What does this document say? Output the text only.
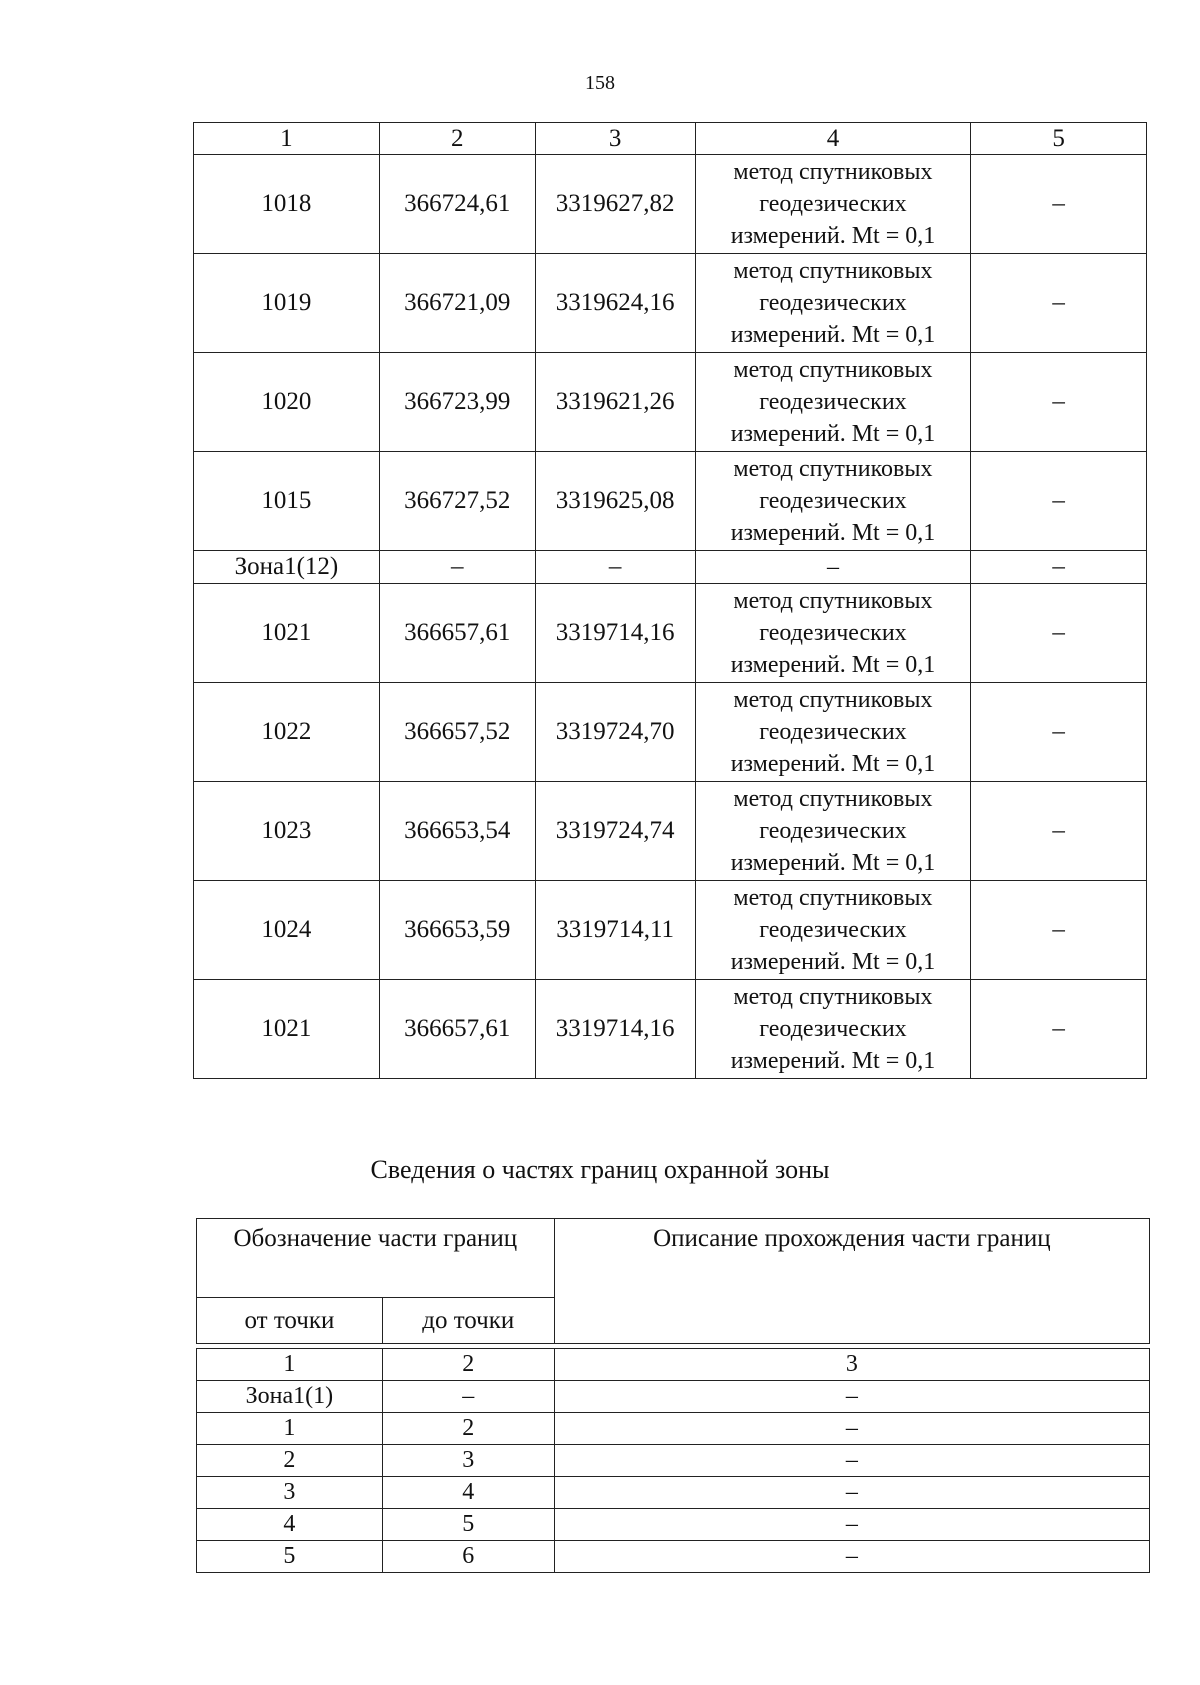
158
1	2	3	4	5
1018	366724,61	3319627,82	метод спутниковых
геодезических
измерений. Mt = 0,1	–
1019	366721,09	3319624,16	метод спутниковых
геодезических
измерений. Mt = 0,1	–
1020	366723,99	3319621,26	метод спутниковых
геодезических
измерений. Mt = 0,1	–
1015	366727,52	3319625,08	метод спутниковых
геодезических
измерений. Mt = 0,1	–
Зона1(12)	–	–	–	–
1021	366657,61	3319714,16	метод спутниковых
геодезических
измерений. Mt = 0,1	–
1022	366657,52	3319724,70	метод спутниковых
геодезических
измерений. Mt = 0,1	–
1023	366653,54	3319724,74	метод спутниковых
геодезических
измерений. Mt = 0,1	–
1024	366653,59	3319714,11	метод спутниковых
геодезических
измерений. Mt = 0,1	–
1021	366657,61	3319714,16	метод спутниковых
геодезических
измерений. Mt = 0,1	–
Сведения о частях границ охранной зоны
Обозначение части границ		Описание прохождения части границ
от точки	до точки	

1	2	3
Зона1(1)	–	–
1	2	–
2	3	–
3	4	–
4	5	–
5	6	–
